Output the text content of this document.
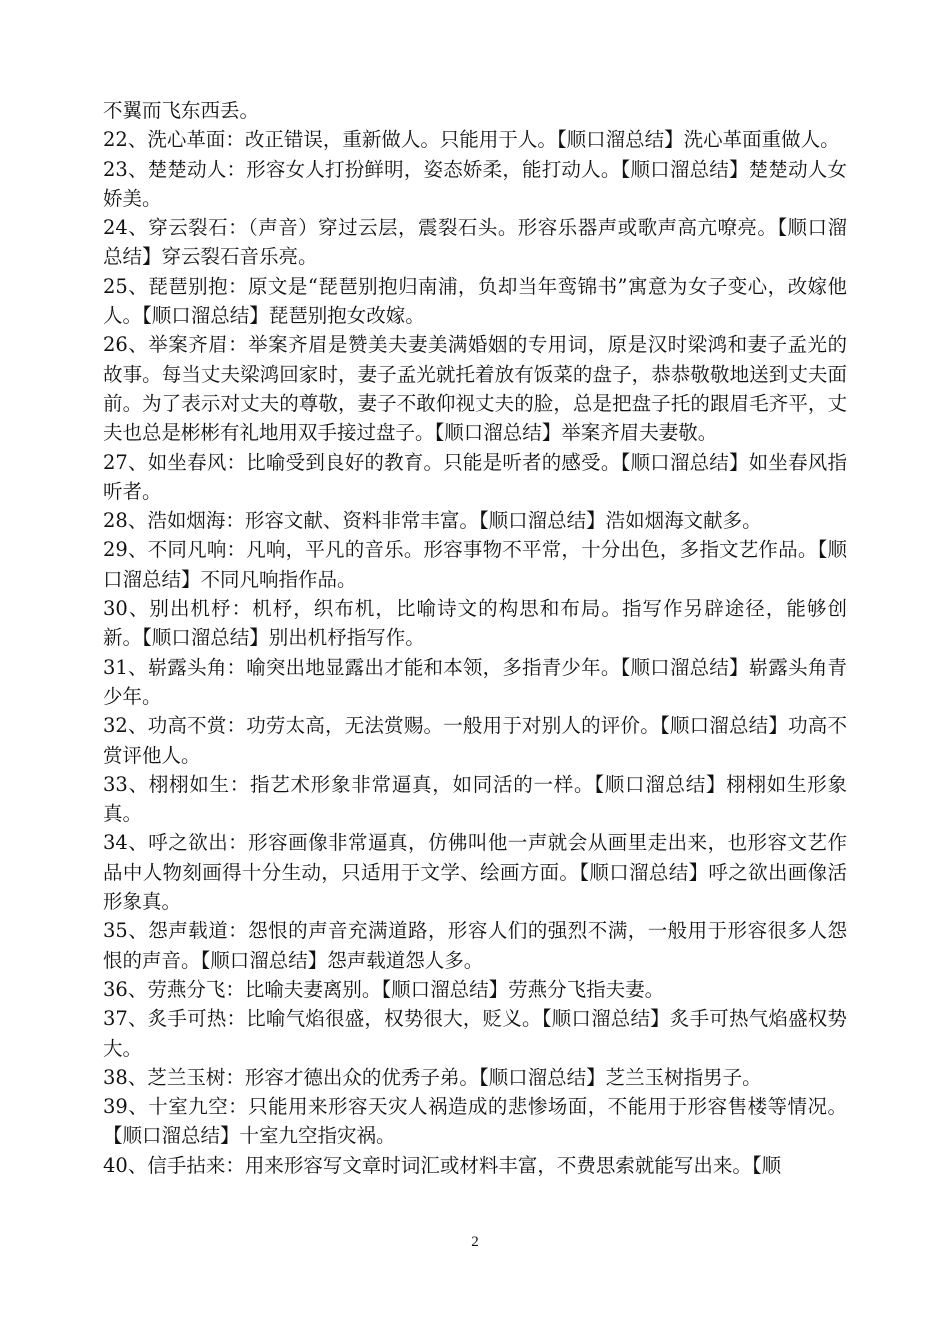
不翼而飞东西丢。

22、洗心革面：改正错误，重新做人。只能用于人。【顺口溜总结】洗心革面重做人。

23、楚楚动人：形容女人打扮鲜明，姿态娇柔，能打动人。【顺口溜总结】楚楚动人女娇美。

24、穿云裂石：（声音）穿过云层，震裂石头。形容乐器声或歌声高亢嘹亮。【顺口溜总结】穿云裂石音乐亮。

25、琵琶别抱：原文是“琵琶别抱归南浦，负却当年鸾锦书”寓意为女子变心，改嫁他人。【顺口溜总结】琵琶别抱女改嫁。

26、举案齐眉：举案齐眉是赞美夫妻美满婚姻的专用词，原是汉时梁鸿和妻子孟光的故事。每当丈夫梁鸿回家时，妻子孟光就托着放有饭菜的盘子，恭恭敬敬地送到丈夫面前。为了表示对丈夫的尊敬，妻子不敢仰视丈夫的脸，总是把盘子托的跟眉毛齐平，丈夫也总是彬彬有礼地用双手接过盘子。【顺口溜总结】举案齐眉夫妻敬。

27、如坐春风：比喻受到良好的教育。只能是听者的感受。【顺口溜总结】如坐春风指听者。

28、浩如烟海：形容文献、资料非常丰富。【顺口溜总结】浩如烟海文献多。

29、不同凡响：凡响，平凡的音乐。形容事物不平常，十分出色，多指文艺作品。【顺口溜总结】不同凡响指作品。

30、别出机杼：机杼，织布机，比喻诗文的构思和布局。指写作另辟途径，能够创新。【顺口溜总结】别出机杼指写作。

31、崭露头角：喻突出地显露出才能和本领，多指青少年。【顺口溜总结】崭露头角青少年。

32、功高不赏：功劳太高，无法赏赐。一般用于对别人的评价。【顺口溜总结】功高不赏评他人。

33、栩栩如生：指艺术形象非常逼真，如同活的一样。【顺口溜总结】栩栩如生形象真。

34、呼之欲出：形容画像非常逼真，仿佛叫他一声就会从画里走出来，也形容文艺作品中人物刻画得十分生动，只适用于文学、绘画方面。【顺口溜总结】呼之欲出画像活形象真。

35、怨声载道：怨恨的声音充满道路，形容人们的强烈不满，一般用于形容很多人怨恨的声音。【顺口溜总结】怨声载道怨人多。

36、劳燕分飞：比喻夫妻离别。【顺口溜总结】劳燕分飞指夫妻。

37、炙手可热：比喻气焰很盛，权势很大，贬义。【顺口溜总结】炙手可热气焰盛权势大。

38、芝兰玉树：形容才德出众的优秀子弟。【顺口溜总结】芝兰玉树指男子。

39、十室九空：只能用来形容天灾人祸造成的悲惨场面，不能用于形容售楼等情况。【顺口溜总结】十室九空指灾祸。

40、信手拈来：用来形容写文章时词汇或材料丰富，不费思索就能写出来。【顺

2
